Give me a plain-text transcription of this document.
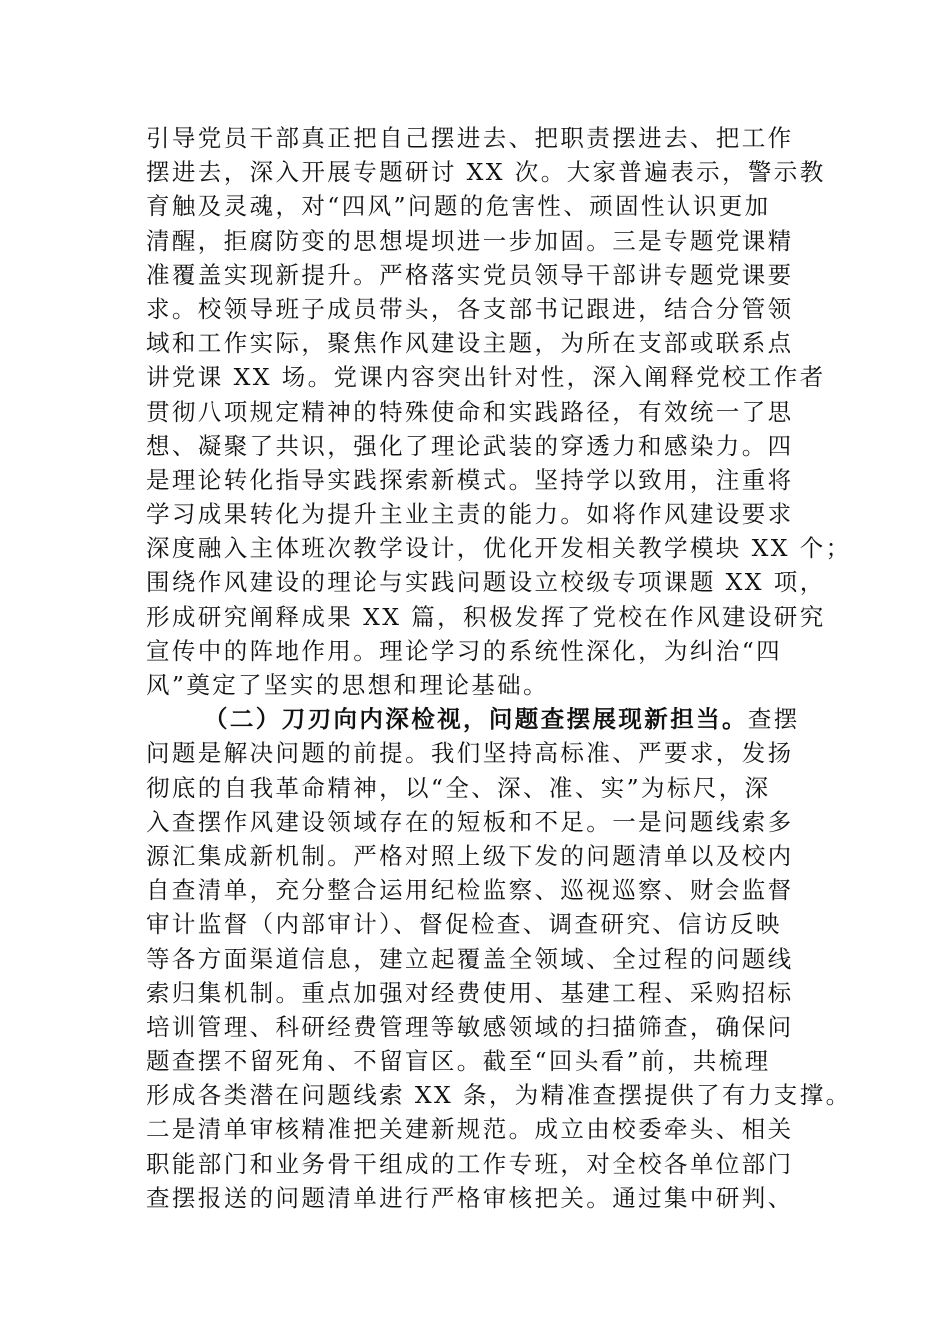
引导党员干部真正把自己摆进去、把职责摆进去、把工作
摆进去，深入开展专题研讨 XX 次。大家普遍表示，警示教
育触及灵魂，对“四风”问题的危害性、顽固性认识更加
清醒，拒腐防变的思想堤坝进一步加固。三是专题党课精
准覆盖实现新提升。严格落实党员领导干部讲专题党课要
求。校领导班子成员带头，各支部书记跟进，结合分管领
域和工作实际，聚焦作风建设主题，为所在支部或联系点
讲党课 XX 场。党课内容突出针对性，深入阐释党校工作者
贯彻八项规定精神的特殊使命和实践路径，有效统一了思
想、凝聚了共识，强化了理论武装的穿透力和感染力。四
是理论转化指导实践探索新模式。坚持学以致用，注重将
学习成果转化为提升主业主责的能力。如将作风建设要求
深度融入主体班次教学设计，优化开发相关教学模块 XX 个；
围绕作风建设的理论与实践问题设立校级专项课题 XX 项，
形成研究阐释成果 XX 篇，积极发挥了党校在作风建设研究
宣传中的阵地作用。理论学习的系统性深化，为纠治“四
风”奠定了坚实的思想和理论基础。
（二）刀刃向内深检视，问题查摆展现新担当。查摆
问题是解决问题的前提。我们坚持高标准、严要求，发扬
彻底的自我革命精神，以“全、深、准、实”为标尺，深
入查摆作风建设领域存在的短板和不足。一是问题线索多
源汇集成新机制。严格对照上级下发的问题清单以及校内
自查清单，充分整合运用纪检监察、巡视巡察、财会监督
审计监督（内部审计）、督促检查、调查研究、信访反映
等各方面渠道信息，建立起覆盖全领域、全过程的问题线
索归集机制。重点加强对经费使用、基建工程、采购招标
培训管理、科研经费管理等敏感领域的扫描筛查，确保问
题查摆不留死角、不留盲区。截至“回头看”前，共梳理
形成各类潜在问题线索 XX 条，为精准查摆提供了有力支撑。
二是清单审核精准把关建新规范。成立由校委牵头、相关
职能部门和业务骨干组成的工作专班，对全校各单位部门
查摆报送的问题清单进行严格审核把关。通过集中研判、
